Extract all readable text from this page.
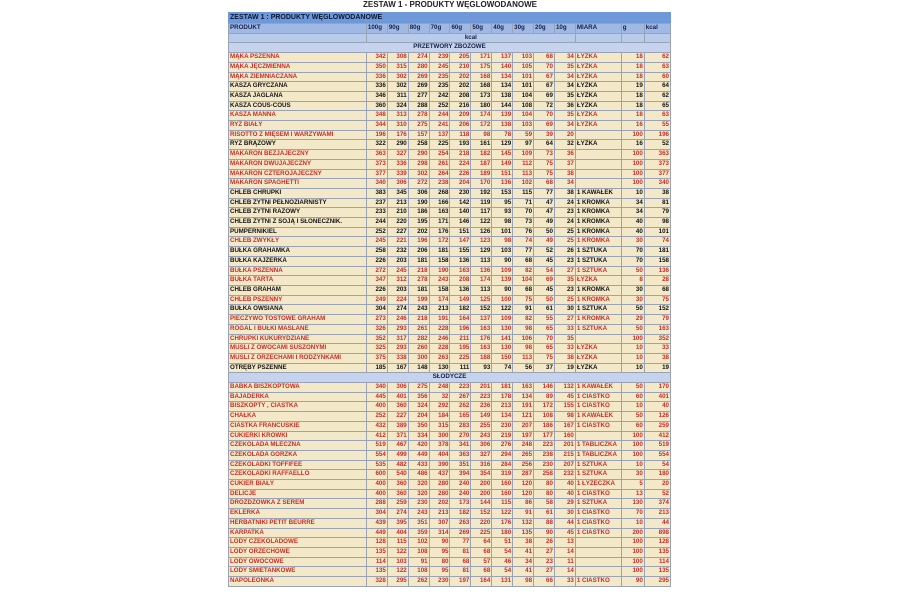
ZESTAW 1 - PRODUKTY WĘGLOWODANOWE
ZESTAW 1 : PRODUKTY WĘGLOWODANOWE
PRODUKT	100g	90g	80g	70g	60g	50g	40g	30g	20g	10g	MIARA	g	kcal
	kcal												
PRZETWORY ZBOŻOWE													
MĄKA PSZENNA	342	308	274	239	205	171	137	103	68	34	ŁYŻKA	18	62
MĄKA JĘCZMIENNA	350	315	280	245	210	175	140	105	70	35	ŁYŻKA	18	63
MĄKA ZIEMNIACZANA	336	302	269	235	202	168	134	101	67	34	ŁYŻKA	18	60
KASZA GRYCZANA	336	302	269	235	202	168	134	101	67	34	ŁYŻKA	19	64
KASZA JAGLANA	346	311	277	242	208	173	138	104	69	35	ŁYŻKA	18	62
KASZA COUS-COUS	360	324	288	252	216	180	144	108	72	36	ŁYŻKA	18	65
KASZA MANNA	348	313	278	244	209	174	139	104	70	35	ŁYŻKA	18	63
RYŻ BIAŁY	344	310	275	241	206	172	138	103	69	34	ŁYŻKA	16	55
RISOTTO Z MIĘSEM I WARZYWAMI	196	176	157	137	118	98	78	59	39	20		100	196
RYŻ BRĄZOWY	322	290	258	225	193	161	129	97	64	32	ŁYŻKA	16	52
MAKARON BEZJAJECZNY	363	327	290	254	218	182	145	109	73	36		100	363
MAKARON DWUJAJECZNY	373	336	298	261	224	187	149	112	75	37		100	373
MAKARON CZTEROJAJECZNY	377	339	302	264	226	189	151	113	75	38		100	377
MAKARON SPAGHETTI	340	306	272	238	204	170	136	102	68	34		100	340
CHLEB CHRUPKI	383	345	306	268	230	192	153	115	77	38	1 KAWAŁEK	10	38
CHLEB ŻYTNI PEŁNOZIARNISTY	237	213	190	166	142	119	95	71	47	24	1 KROMKA	34	81
CHLEB ŻYTNI RAZOWY	233	210	186	163	140	117	93	70	47	23	1 KROMKA	34	79
CHLEB ŻYTNI Z SOJĄ I SŁONECZNIK.	244	220	195	171	146	122	98	73	49	24	1 KROMKA	40	98
PUMPERNIKIEL	252	227	202	176	151	126	101	76	50	25	1 KROMKA	40	101
CHLEB ZWYKŁY	245	221	196	172	147	123	98	74	49	25	1 KROMKA	30	74
BUŁKA GRAHAMKA	258	232	206	181	155	129	103	77	52	26	1 SZTUKA	70	181
BUŁKA KAJZERKA	226	203	181	158	136	113	90	68	45	23	1 SZTUKA	70	158
BUŁKA PSZENNA	272	245	218	190	163	136	109	82	54	27	1 SZTUKA	50	136
BUŁKA TARTA	347	312	278	243	208	174	139	104	69	35	ŁYŻKA	8	28
CHLEB GRAHAM	226	203	181	158	136	113	90	68	45	23	1 KROMKA	30	68
CHLEB PSZENNY	249	224	199	174	149	125	100	75	50	25	1 KROMKA	30	75
BUŁKA OWSIANA	304	274	243	213	182	152	122	91	61	30	1 SZTUKA	50	152
PIECZYWO TOSTOWE GRAHAM	273	246	218	191	164	137	109	82	55	27	1 KROMKA	29	79
ROGAL I BUŁKI MAŚLANE	326	293	261	228	196	163	130	98	65	33	1 SZTUKA	50	163
CHRUPKI KUKURYDZIANE	352	317	282	246	211	176	141	106	70	35		100	352
MUSLI Z OWOCAMI SUSZONYMI	325	293	260	228	195	163	130	98	65	33	ŁYŻKA	10	33
MUSLI Z ORZECHAMI I RODZYNKAMI	375	338	300	263	225	188	150	113	75	38	ŁYŻKA	10	38
OTRĘBY PSZENNE	185	167	148	130	111	93	74	56	37	19	ŁYŻKA	10	19
SŁODYCZE													
BABKA BISZKOPTOWA	340	306	275	248	223	201	181	163	146	132	1 KAWAŁEK	50	170
BAJADERKA	445	401	356	32	267	223	178	134	89	45	1 CIASTKO	60	401
BISZKOPTY , CIASTKA	400	360	324	292	262	236	213	191	172	155	1 CIASTKO	10	40
CHAŁKA	252	227	204	184	165	149	134	121	108	98	1 KAWAŁEK	50	126
CIASTKA FRANCUSKIE	432	389	350	315	283	255	230	207	186	167	1 CIASTKO	60	259
CUKIERKI KRÓWKI	412	371	334	300	270	243	219	197	177	160		100	412
CZEKOLADA MLECZNA	519	467	420	378	341	306	276	248	223	201	1 TABLICZKA	100	519
CZEKOLADA GORZKA	554	499	449	404	363	327	294	265	238	215	1 TABLICZKA	100	554
CZEKOLADKI TOFFIFEE	535	482	433	390	351	316	284	256	230	207	1 SZTUKA	10	54
CZEKOLADKI RAFFAELLO	600	540	486	437	394	354	319	287	258	232	1 SZTUKA	30	180
CUKIER BIAŁY	400	360	320	280	240	200	160	120	80	40	1 ŁYŻECZKA	5	20
DELICJE	400	360	320	280	240	200	160	120	80	40	1 CIASTKO	13	52
DROŻDŻÓWKA Z SEREM	288	259	230	202	173	144	115	86	58	29	1 SZTUKA	130	374
EKLERKA	304	274	243	213	182	152	122	91	61	30	1 CIASTKO	70	213
HERBATNIKI PETIT BEURRE	439	395	351	307	263	220	176	132	88	44	1 CIASTKO	10	44
KARPATKA	449	404	359	314	269	225	180	135	90	45	1 CIASTKO	200	898
LODY CZEKOLADOWE	128	115	102	90	77	64	51	38	26	13		100	128
LODY ORZECHOWE	135	122	108	95	81	68	54	41	27	14		100	135
LODY OWOCOWE	114	103	91	80	68	57	46	34	23	11		100	114
LODY ŚMIETANKOWE	135	122	108	95	81	68	54	41	27	14		100	135
NAPOLEONKA	328	295	262	230	197	164	131	98	66	33	1 CIASTKO	90	295
